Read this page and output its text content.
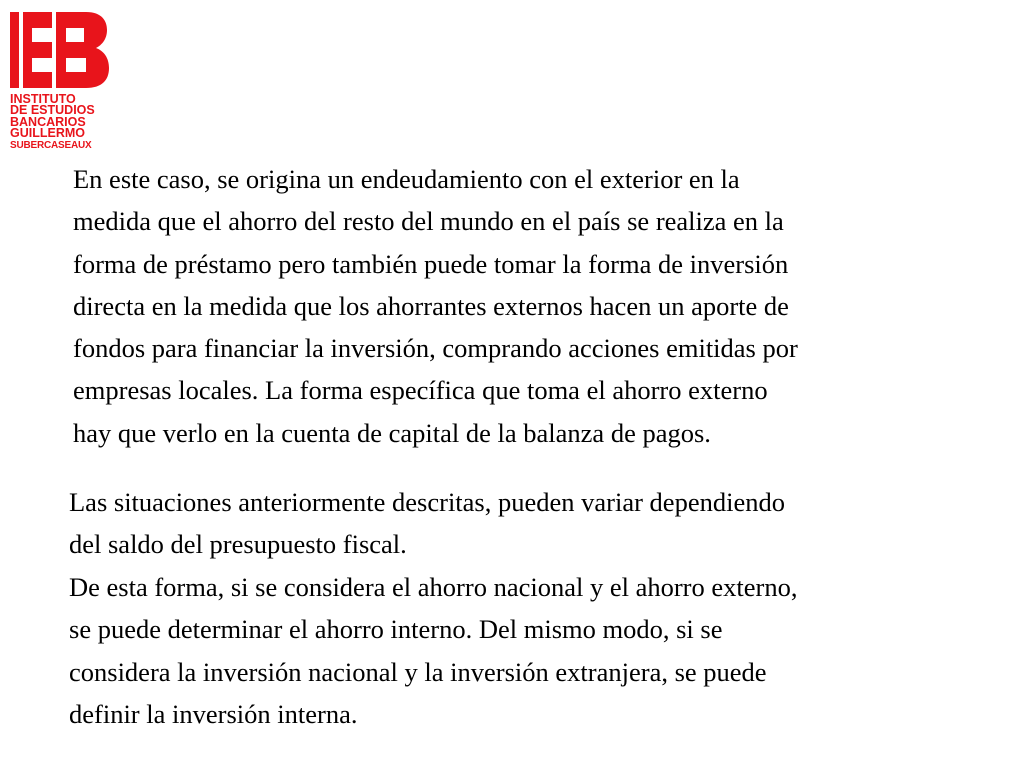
INSTITUTO
DE ESTUDIOS
BANCARIOS
GUILLERMO
SUBERCASEAUX
En este caso, se origina un endeudamiento con el exterior en la
medida que el ahorro del resto del mundo en el país se realiza en la
forma de préstamo pero también puede tomar la forma de inversión
directa en la medida que los ahorrantes externos hacen un aporte de
fondos para financiar la inversión, comprando acciones emitidas por
empresas locales. La forma específica que toma el ahorro externo
hay que verlo en la cuenta de capital de la balanza de pagos.
Las situaciones anteriormente descritas, pueden variar dependiendo
del saldo del presupuesto fiscal.
De esta forma, si se considera el ahorro nacional y el ahorro externo,
se puede determinar el ahorro interno. Del mismo modo, si se
considera la inversión nacional y la inversión extranjera, se puede
definir la inversión interna.
